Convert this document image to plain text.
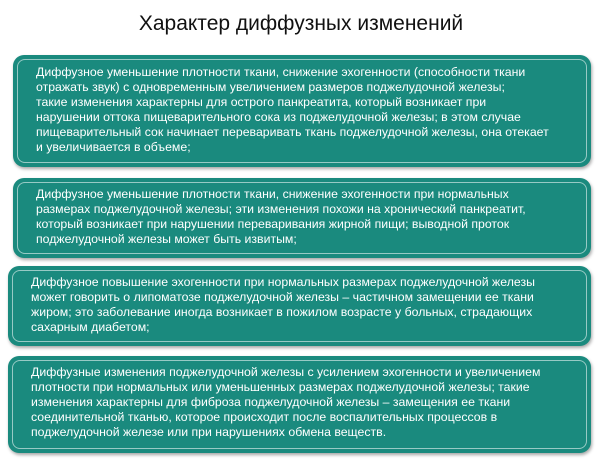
Характер диффузных изменений
Диффузное уменьшение плотности ткани, снижение эхогенности (способности ткани
отражать звук) с одновременным увеличением размеров поджелудочной железы;
такие изменения характерны для острого панкреатита, который возникает при
нарушении оттока пищеварительного сока из поджелудочной железы; в этом случае
пищеварительный сок начинает переваривать ткань поджелудочной железы, она отекает
и увеличивается в объеме;
Диффузное уменьшение плотности ткани, снижение эхогенности при нормальных
размерах поджелудочной железы; эти изменения похожи на хронический панкреатит,
который возникает при нарушении переваривания жирной пищи; выводной проток
поджелудочной железы может быть извитым;
Диффузное повышение эхогенности при нормальных размерах поджелудочной железы
может говорить о липоматозе поджелудочной железы – частичном замещении ее ткани
жиром; это заболевание иногда возникает в пожилом возрасте у больных, страдающих
сахарным диабетом;
Диффузные изменения поджелудочной железы с усилением эхогенности и увеличением
плотности при нормальных или уменьшенных размерах поджелудочной железы; такие
изменения характерны для фиброза поджелудочной железы – замещения ее ткани
соединительной тканью, которое происходит после воспалительных процессов в
поджелудочной железе или при нарушениях обмена веществ.
